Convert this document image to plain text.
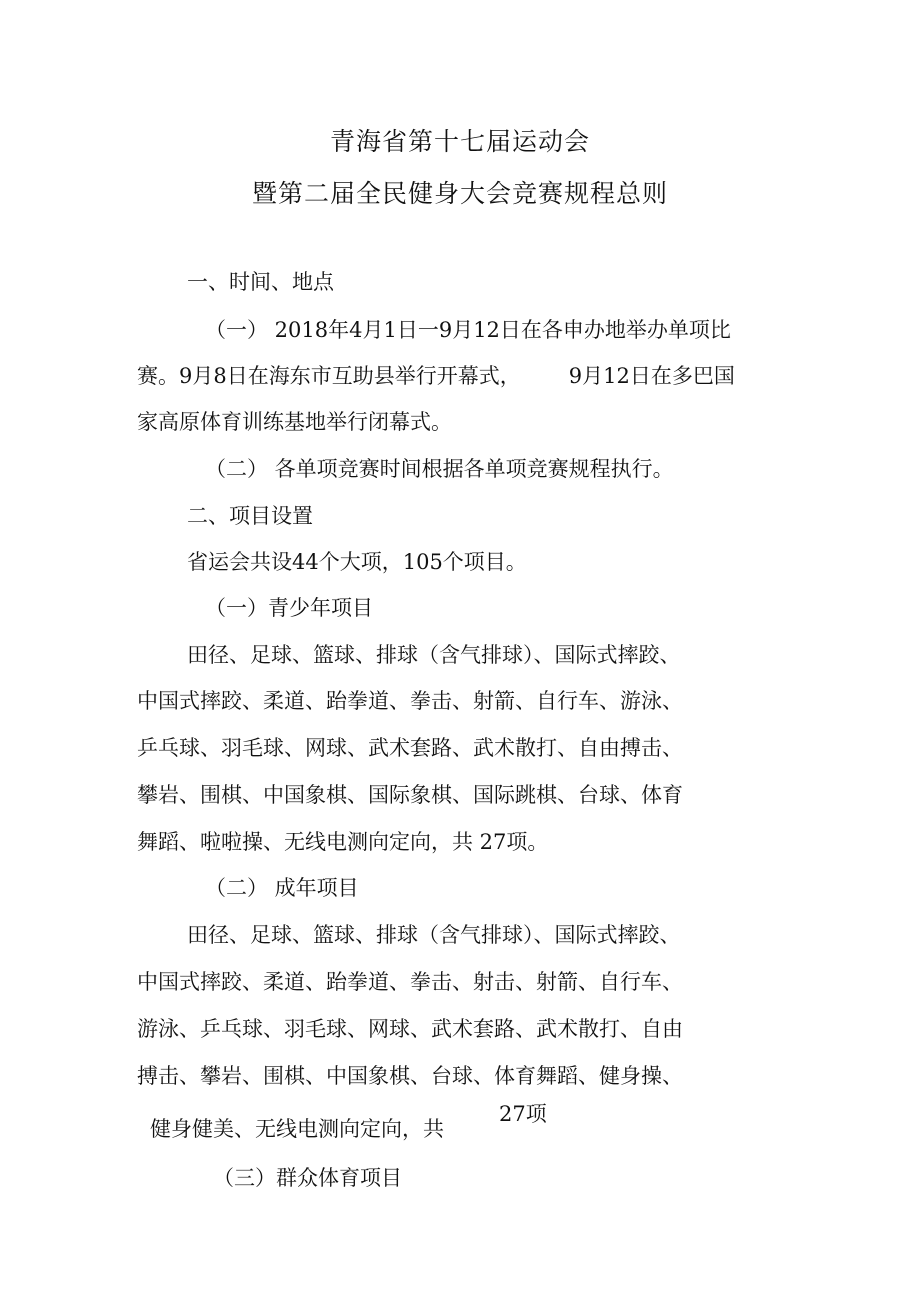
青海省第十七届运动会
暨第二届全民健身大会竞赛规程总则
一、时间、地点
（一） 2018年4月1日一9月12日在各申办地举办单项比
赛。9月8日在海东市互助县举行开幕式， 9月12日在多巴国
家高原体育训练基地举行闭幕式。
（二） 各单项竞赛时间根据各单项竞赛规程执行。
二、项目设置
省运会共设44个大项，105个项目。
（一）青少年项目
田径、足球、篮球、排球（含气排球）、国际式摔跤、
中国式摔跤、柔道、跆拳道、拳击、射箭、自行车、游泳、
乒乓球、羽毛球、网球、武术套路、武术散打、自由搏击、
攀岩、围棋、中国象棋、国际象棋、国际跳棋、台球、体育
舞蹈、啦啦操、无线电测向定向，共 27项。
（二） 成年项目
田径、足球、篮球、排球（含气排球）、国际式摔跤、
中国式摔跤、柔道、跆拳道、拳击、射击、射箭、自行车、
游泳、乒乓球、羽毛球、网球、武术套路、武术散打、自由
搏击、攀岩、围棋、中国象棋、台球、体育舞蹈、健身操、
健身健美、无线电测向定向，共
27项
（三）群众体育项目
